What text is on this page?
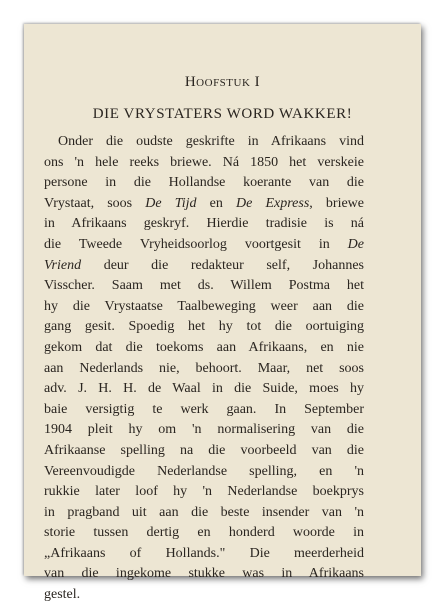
Hoofstuk I
DIE VRYSTATERS WORD WAKKER!
Onder die oudste geskrifte in Afrikaans vind
ons 'n hele reeks briewe. Ná 1850 het verskeie
persone in die Hollandse koerante van die
Vrystaat, soos De Tijd en De Express, briewe
in Afrikaans geskryf. Hierdie tradisie is ná
die Tweede Vryheidsoorlog voortgesit in De
Vriend deur die redakteur self, Johannes
Visscher. Saam met ds. Willem Postma het
hy die Vrystaatse Taalbeweging weer aan die
gang gesit. Spoedig het hy tot die oortuiging
gekom dat die toekoms aan Afrikaans, en nie
aan Nederlands nie, behoort. Maar, net soos
adv. J. H. H. de Waal in die Suide, moes hy
baie versigtig te werk gaan. In September
1904 pleit hy om 'n normalisering van die
Afrikaanse spelling na die voorbeeld van die
Vereenvoudigde Nederlandse spelling, en 'n
rukkie later loof hy 'n Nederlandse boekprys
in pragband uit aan die beste insender van 'n
storie tussen dertig en honderd woorde in
„Afrikaans of Hollands." Die meerderheid
van die ingekome stukke was in Afrikaans
gestel.
